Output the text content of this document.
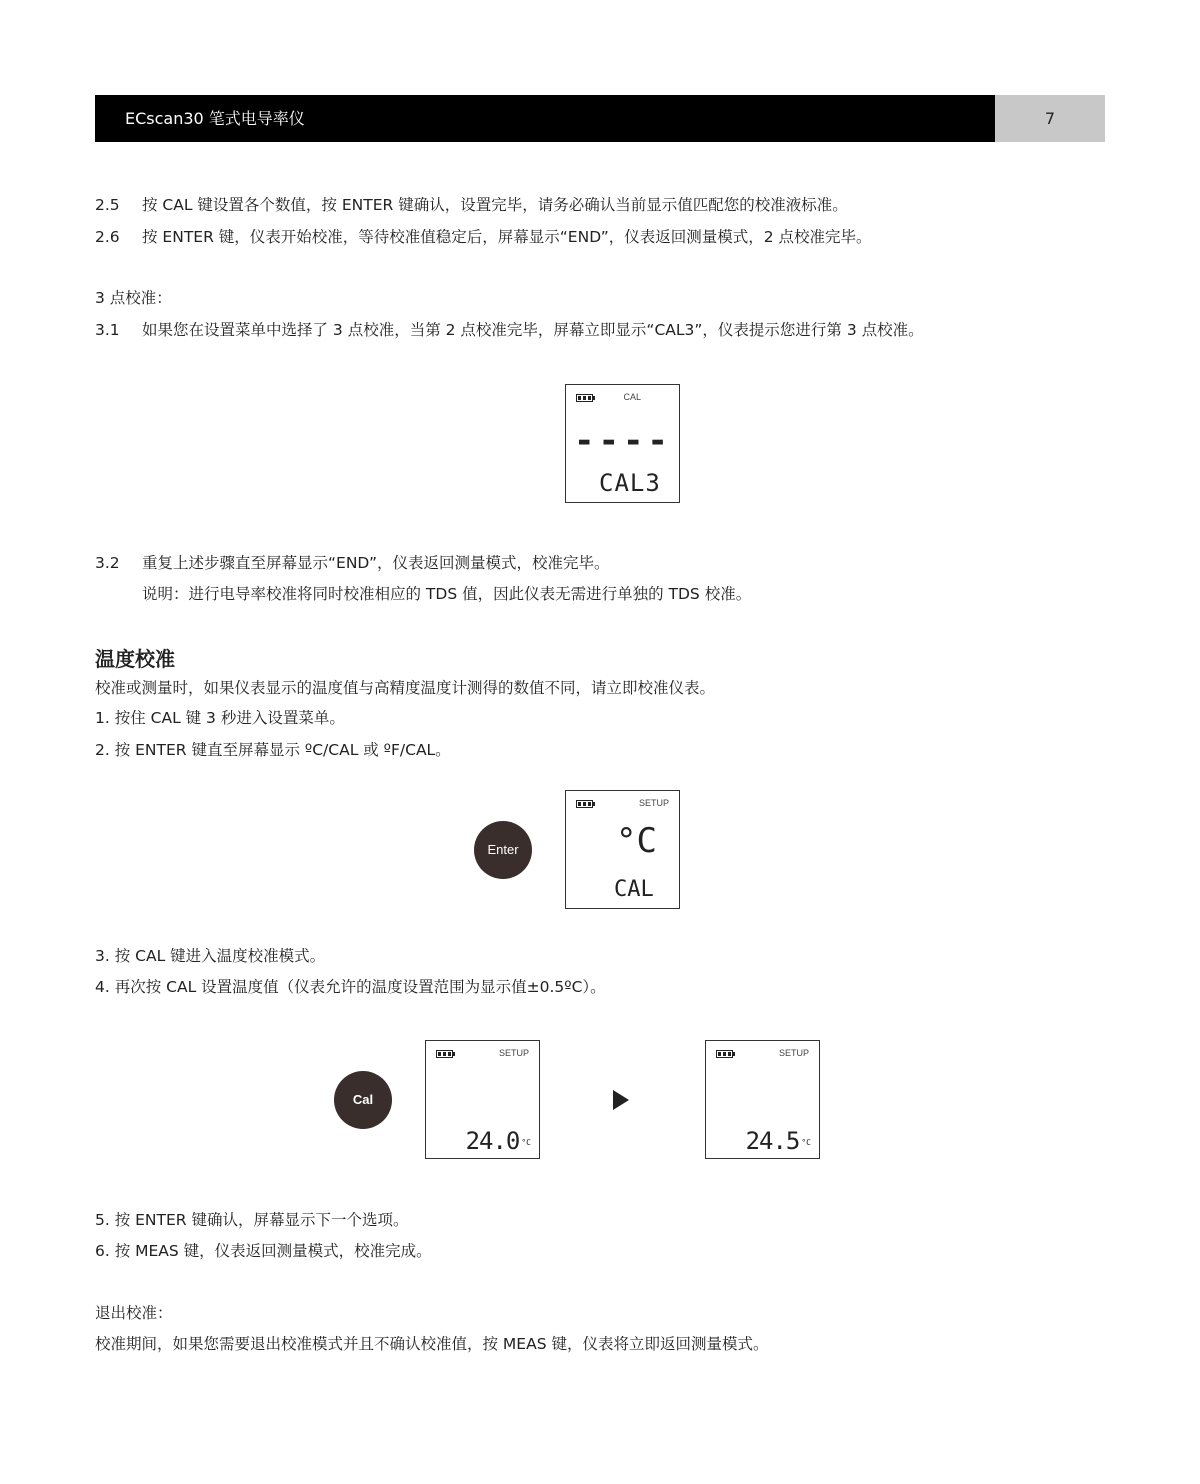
ECscan30 笔式电导率仪	7
2.5 按 CAL 键设置各个数值，按 ENTER 键确认，设置完毕，请务必确认当前显示值匹配您的校准液标准。
2.6 按 ENTER 键，仪表开始校准，等待校准值稳定后，屏幕显示“END”，仪表返回测量模式，2 点校准完毕。
3 点校准：
3.1 如果您在设置菜单中选择了 3 点校准，当第 2 点校准完毕，屏幕立即显示“CAL3”，仪表提示您进行第 3 点校准。
CAL
----
CAL3
3.2 重复上述步骤直至屏幕显示“END”，仪表返回测量模式，校准完毕。
说明：进行电导率校准将同时校准相应的 TDS 值，因此仪表无需进行单独的 TDS 校准。
温度校准
校准或测量时，如果仪表显示的温度值与高精度温度计测得的数值不同，请立即校准仪表。
1. 按住 CAL 键 3 秒进入设置菜单。
2. 按 ENTER 键直至屏幕显示 ºC/CAL 或 ºF/CAL。
Enter
SETUP
°C
CAL
3. 按 CAL 键进入温度校准模式。
4. 再次按 CAL 设置温度值（仪表允许的温度设置范围为显示值±0.5ºC）。
Cal
SETUP
24.0 °C
SETUP
24.5 °C
5. 按 ENTER 键确认，屏幕显示下一个选项。
6. 按 MEAS 键，仪表返回测量模式，校准完成。
退出校准：
校准期间，如果您需要退出校准模式并且不确认校准值，按 MEAS 键，仪表将立即返回测量模式。
